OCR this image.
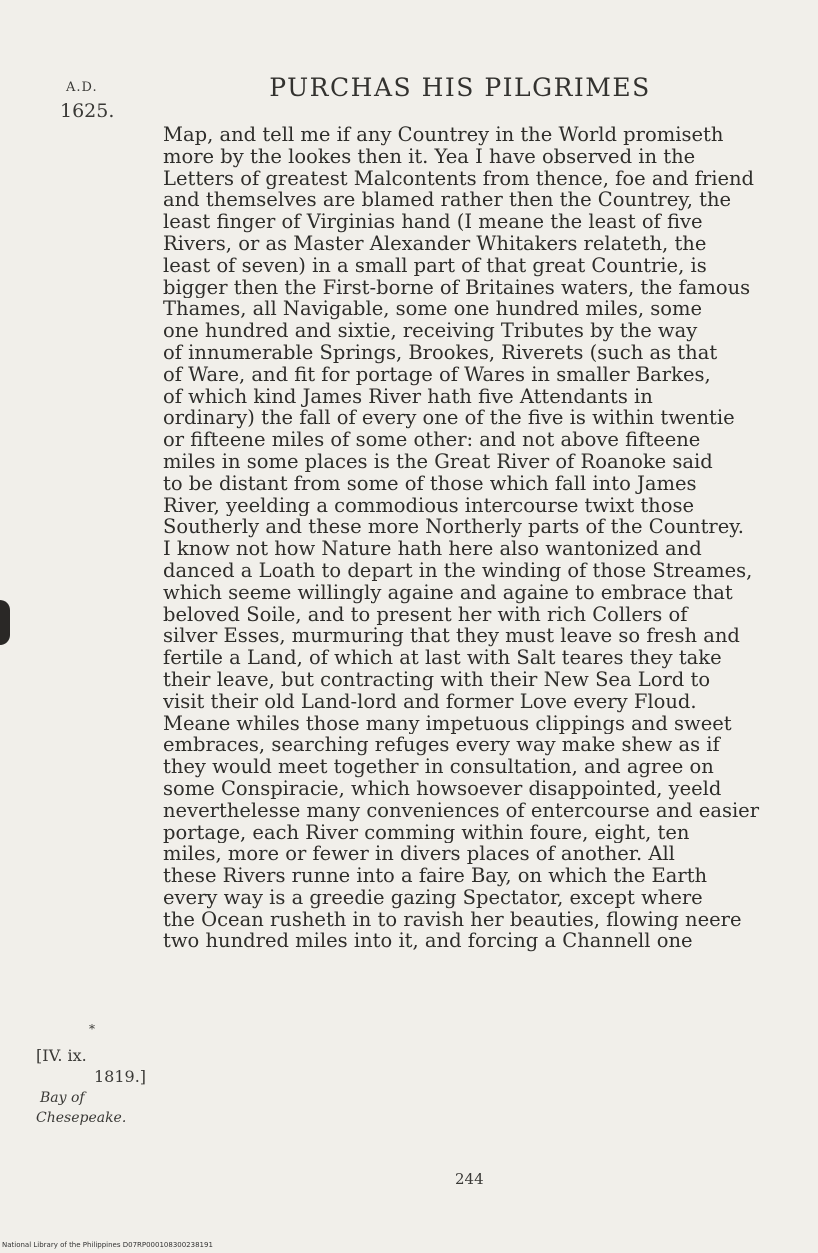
A.D.
1625.
PURCHAS HIS PILGRIMES
Map, and tell me if any Countrey in the World promiseth
more by the lookes then it. Yea I have observed in the
Letters of greatest Malcontents from thence, foe and friend
and themselves are blamed rather then the Countrey, the
least finger of Virginias hand (I meane the least of five
Rivers, or as Master Alexander Whitakers relateth, the
least of seven) in a small part of that great Countrie, is
bigger then the First-borne of Britaines waters, the famous
Thames, all Navigable, some one hundred miles, some
one hundred and sixtie, receiving Tributes by the way
of innumerable Springs, Brookes, Riverets (such as that
of Ware, and fit for portage of Wares in smaller Barkes,
of which kind James River hath five Attendants in
ordinary) the fall of every one of the five is within twentie
or fifteene miles of some other: and not above fifteene
miles in some places is the Great River of Roanoke said
to be distant from some of those which fall into James
River, yeelding a commodious intercourse twixt those
Southerly and these more Northerly parts of the Countrey.
I know not how Nature hath here also wantonized and
danced a Loath to depart in the winding of those Streames,
which seeme willingly againe and againe to embrace that
beloved Soile, and to present her with rich Collers of
silver Esses, murmuring that they must leave so fresh and
fertile a Land, of which at last with Salt teares they take
their leave, but contracting with their New Sea Lord to
visit their old Land-lord and former Love every Floud.
Meane whiles those many impetuous clippings and sweet
embraces, searching refuges every way make shew as if
they would meet together in consultation, and agree on
some Conspiracie, which howsoever disappointed, yeeld
neverthelesse many conveniences of entercourse and easier
portage, each River comming within foure, eight, ten
miles, more or fewer in divers places of another. All
these Rivers runne into a faire Bay, on which the Earth
every way is a greedie gazing Spectator, except where
the Ocean rusheth in to ravish her beauties, flowing neere
two hundred miles into it, and forcing a Channell one
*
[IV. ix.
1819.]
Bay of
Chesepeake.
244
National Library of the Philippines D07RP000108300238191
